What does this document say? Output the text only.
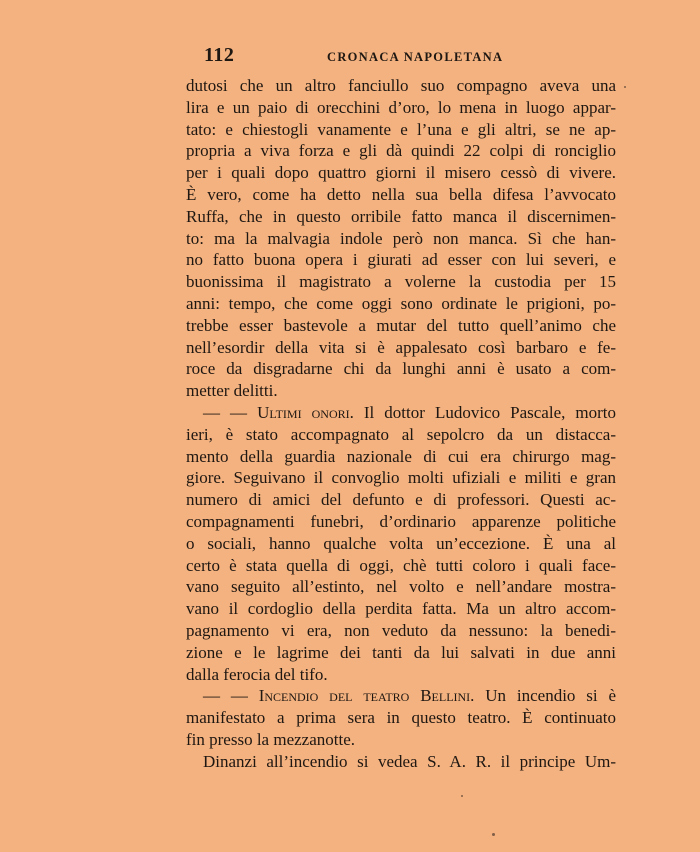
112	CRONACA NAPOLETANA
dutosi che un altro fanciullo suo compagno aveva una
lira e un paio di orecchini d’oro, lo mena in luogo appar-
tato: e chiestogli vanamente e l’una e gli altri, se ne ap-
propria a viva forza e gli dà quindi 22 colpi di ronciglio
per i quali dopo quattro giorni il misero cessò di vivere.
È vero, come ha detto nella sua bella difesa l’avvocato
Ruffa, che in questo orribile fatto manca il discernimen-
to: ma la malvagia indole però non manca. Sì che han-
no fatto buona opera i giurati ad esser con lui severi, e
buonissima il magistrato a volerne la custodia per 15
anni: tempo, che come oggi sono ordinate le prigioni, po-
trebbe esser bastevole a mutar del tutto quell’animo che
nell’esordir della vita si è appalesato così barbaro e fe-
roce da disgradarne chi da lunghi anni è usato a com-
metter delitti.
— — Ultimi onori. Il dottor Ludovico Pascale, morto
ieri, è stato accompagnato al sepolcro da un distacca-
mento della guardia nazionale di cui era chirurgo mag-
giore. Seguivano il convoglio molti ufiziali e militi e gran
numero di amici del defunto e di professori. Questi ac-
compagnamenti funebri, d’ordinario apparenze politiche
o sociali, hanno qualche volta un’eccezione. È una al
certo è stata quella di oggi, chè tutti coloro i quali face-
vano seguito all’estinto, nel volto e nell’andare mostra-
vano il cordoglio della perdita fatta. Ma un altro accom-
pagnamento vi era, non veduto da nessuno: la benedi-
zione e le lagrime dei tanti da lui salvati in due anni
dalla ferocia del tifo.
— — Incendio del teatro Bellini. Un incendio si è
manifestato a prima sera in questo teatro. È continuato
fin presso la mezzanotte.
Dinanzi all’incendio si vedea S. A. R. il principe Um-
